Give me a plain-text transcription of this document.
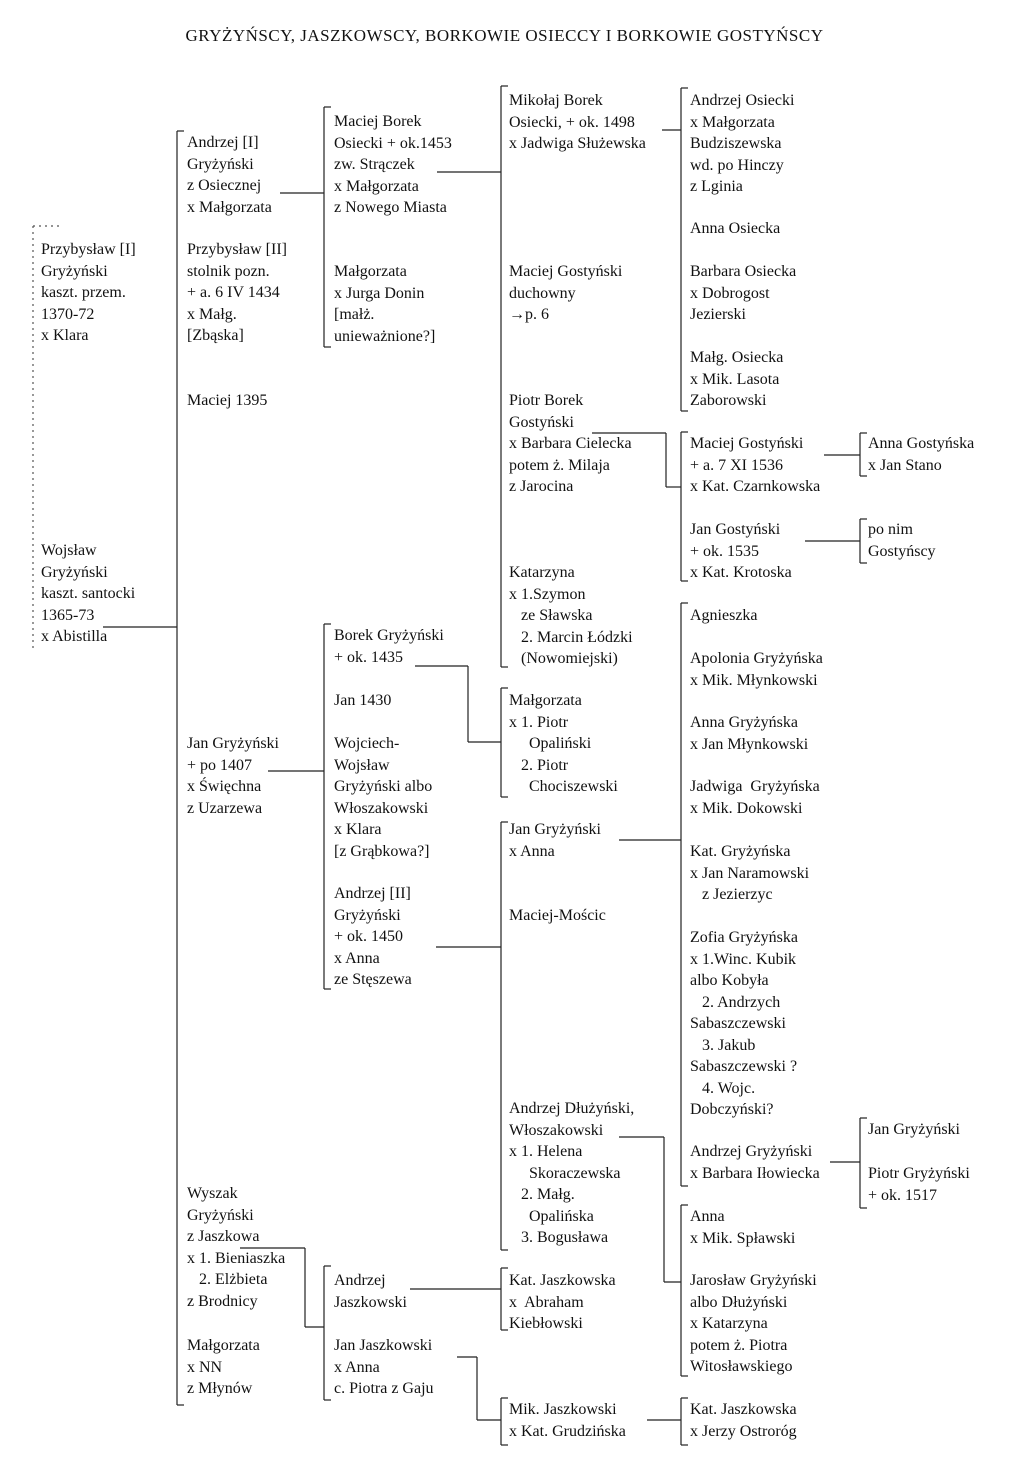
GRYŻYŃSCY, JASZKOWSCY, BORKOWIE OSIECCY I BORKOWIE GOSTYŃSCY
Przybysław [I]
Gryżyński
kaszt. przem.
1370-72
x Klara
Wojsław
Gryżyński
kaszt. santocki
1365-73
x Abistilla
Andrzej [I]
Gryżyński
z Osiecznej
x Małgorzata
Przybysław [II]
stolnik pozn.
+ a. 6 IV 1434
x Małg.
[Zbąska]
Maciej 1395
Jan Gryżyński
+ po 1407
x Święchna
z Uzarzewa
Wyszak
Gryżyński
z Jaszkowa
x 1. Bieniaszka
2. Elżbieta
z Brodnicy
Małgorzata
x NN
z Młynów
Maciej Borek
Osiecki + ok.1453
zw. Strączek
x Małgorzata
z Nowego Miasta
Małgorzata
x Jurga Donin
[małż.
unieważnione?]
Borek Gryżyński
+ ok. 1435
Jan 1430
Wojciech-
Wojsław
Gryżyński albo
Włoszakowski
x Klara
[z Grąbkowa?]
Andrzej [II]
Gryżyński
+ ok. 1450
x Anna
ze Stęszewa
Andrzej
Jaszkowski
Jan Jaszkowski
x Anna
c. Piotra z Gaju
Mikołaj Borek
Osiecki, + ok. 1498
x Jadwiga Służewska
Maciej Gostyński
duchowny
→p. 6
Piotr Borek
Gostyński
x Barbara Cielecka
potem ż. Milaja
z Jarocina
Katarzyna
x 1.Szymon
ze Sławska
2. Marcin Łódzki
(Nowomiejski)
Małgorzata
x 1. Piotr
Opaliński
2. Piotr
Chociszewski
Jan Gryżyński
x Anna
Maciej-Mościc
Andrzej Dłużyński,
Włoszakowski
x 1. Helena
Skoraczewska
2. Małg.
Opalińska
3. Bogusława
Kat. Jaszkowska
x  Abraham
Kiebłowski
Mik. Jaszkowski
x Kat. Grudzińska
Andrzej Osiecki
x Małgorzata
Budziszewska
wd. po Hinczy
z Lginia
Anna Osiecka
Barbara Osiecka
x Dobrogost
Jezierski
Małg. Osiecka
x Mik. Lasota
Zaborowski
Maciej Gostyński
+ a. 7 XI 1536
x Kat. Czarnkowska
Jan Gostyński
+ ok. 1535
x Kat. Krotoska
Agnieszka
Apolonia Gryżyńska
x Mik. Młynkowski
Anna Gryżyńska
x Jan Młynkowski
Jadwiga  Gryżyńska
x Mik. Dokowski
Kat. Gryżyńska
x Jan Naramowski
z Jezierzyc
Zofia Gryżyńska
x 1.Winc. Kubik
albo Kobyła
2. Andrzych
Sabaszczewski
3. Jakub
Sabaszczewski ?
4. Wojc.
Dobczyński?
Andrzej Gryżyński
x Barbara Iłowiecka
Anna
x Mik. Spławski
Jarosław Gryżyński
albo Dłużyński
x Katarzyna
potem ż. Piotra
Witosławskiego
Kat. Jaszkowska
x Jerzy Ostroróg
Anna Gostyńska
x Jan Stano
po nim
Gostyńscy
Jan Gryżyński
Piotr Gryżyński
+ ok. 1517
